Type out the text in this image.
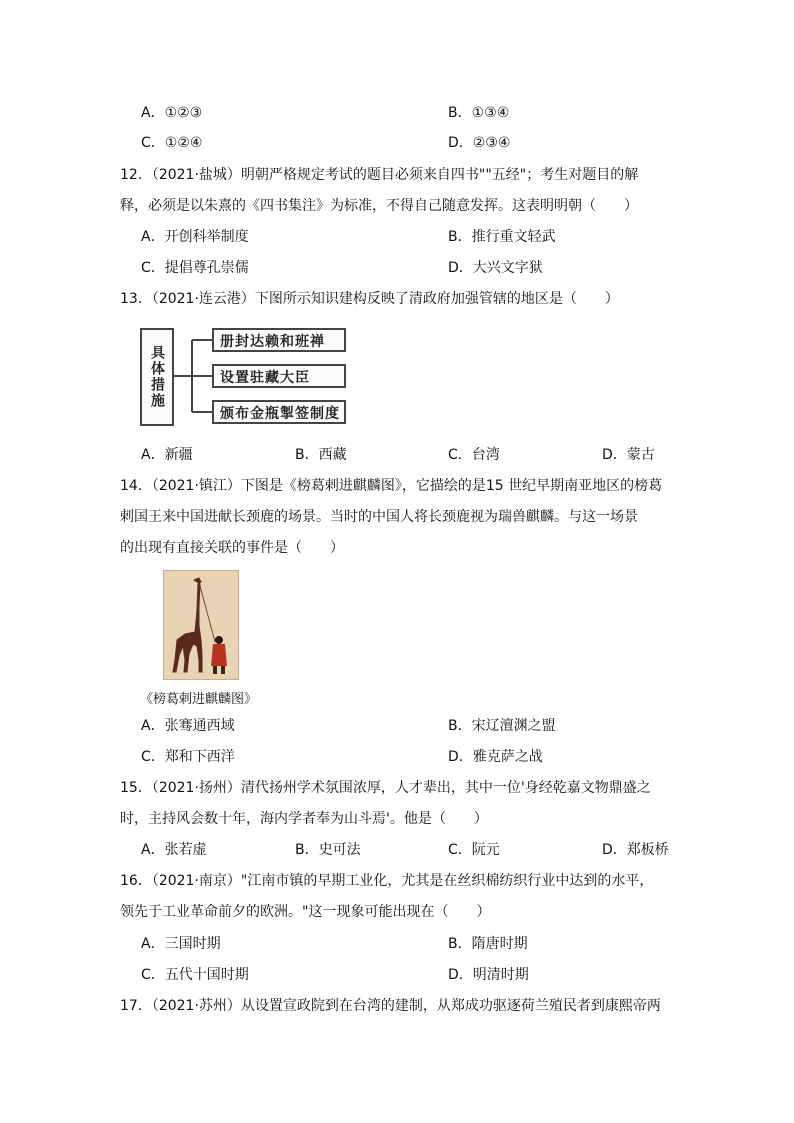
A．①②③	B．①③④
C．①②④	D．②③④
12．（2021·盐城）明朝严格规定考试的题目必须来自四书""五经"；考生对题目的解
释，必须是以朱熹的《四书集注》为标准，不得自己随意发挥。这表明明朝（　　）
A．开创科举制度	B．推行重文轻武
C．提倡尊孔崇儒	D．大兴文字狱
13．（2021·连云港）下图所示知识建构反映了清政府加强管辖的地区是（　　）
具体措施
册封达赖和班禅
设置驻藏大臣
颁布金瓶掣签制度
A．新疆	B．西藏	C．台湾	D．蒙古
14．（2021·镇江）下图是《榜葛剌进麒麟图》，它描绘的是15 世纪早期南亚地区的榜葛
剌国王来中国进献长颈鹿的场景。当时的中国人将长颈鹿视为瑞兽麒麟。与这一场景
的出现有直接关联的事件是（　　）
《榜葛剌进麒麟图》
A．张骞通西域	B．宋辽澶渊之盟
C．郑和下西洋	D．雅克萨之战
15．（2021·扬州）清代扬州学术氛围浓厚，人才辈出，其中一位'身经乾嘉文物鼎盛之
时，主持风会数十年，海内学者奉为山斗焉'。他是（　　）
A．张若虚	B．史可法	C．阮元	D．郑板桥
16．（2021·南京）"江南市镇的早期工业化，尤其是在丝织棉纺织行业中达到的水平，
领先于工业革命前夕的欧洲。"这一现象可能出现在（　　）
A．三国时期	B．隋唐时期
C．五代十国时期	D．明清时期
17．（2021·苏州）从设置宣政院到在台湾的建制，从郑成功驱逐荷兰殖民者到康熙帝两
